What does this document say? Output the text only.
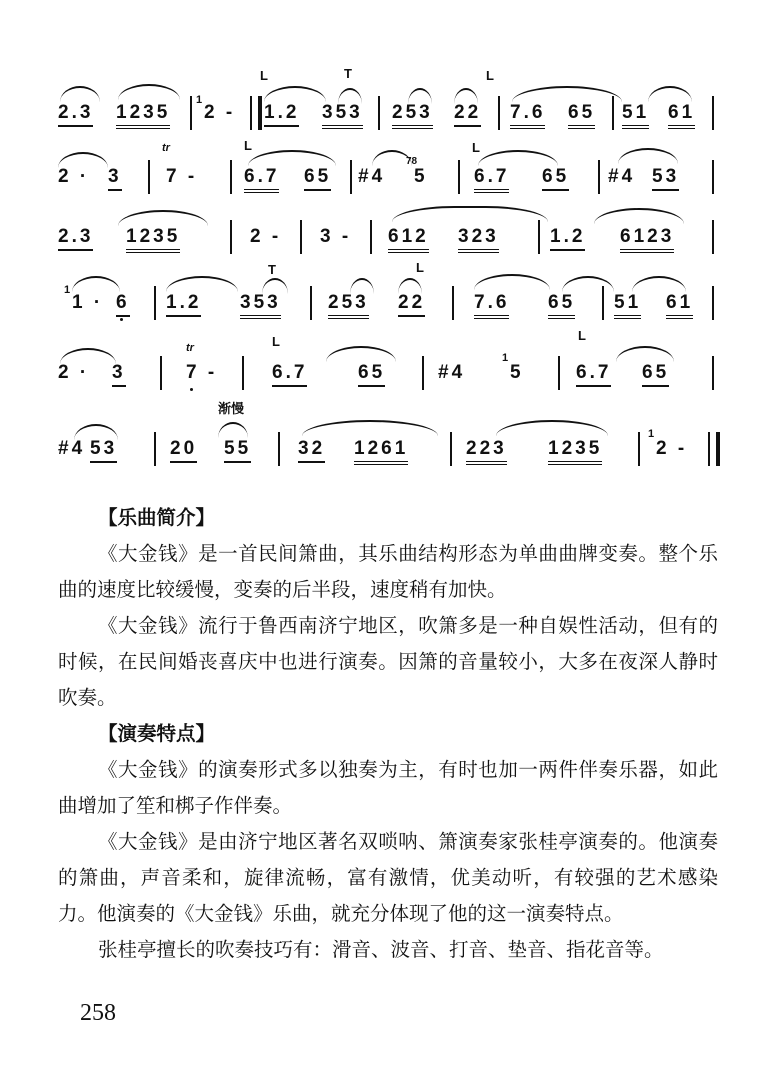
2.3 1235
1
2 -
L
1.2
T
353
L
253 22 7.6 65 51 61
2 · 3
tr
7 -
L
6.7 65 #4
78
5
L
6.7 65 #4 53
2.3 1235	2 - 3 - 612 323	1.2 6123
1
1 · 6 1.2
T
353 253
L
22	7.6 65 51 61
2 · 3
tr
7 -
L
6.7	65	#4
1
5
L
6.7 65
#4 53
渐慢
20 55 32 1261	223 1235
1
2 -
【乐曲简介】

《大金钱》是一首民间箫曲，其乐曲结构形态为单曲曲牌变奏。整个乐曲的速度比较缓慢，变奏的后半段，速度稍有加快。

《大金钱》流行于鲁西南济宁地区，吹箫多是一种自娱性活动，但有的时候，在民间婚丧喜庆中也进行演奏。因箫的音量较小，大多在夜深人静时吹奏。

【演奏特点】

《大金钱》的演奏形式多以独奏为主，有时也加一两件伴奏乐器，如此曲增加了笙和梆子作伴奏。

《大金钱》是由济宁地区著名双唢呐、箫演奏家张桂亭演奏的。他演奏的箫曲，声音柔和，旋律流畅，富有激情，优美动听，有较强的艺术感染力。他演奏的《大金钱》乐曲，就充分体现了他的这一演奏特点。

张桂亭擅长的吹奏技巧有：滑音、波音、打音、垫音、指花音等。

258
